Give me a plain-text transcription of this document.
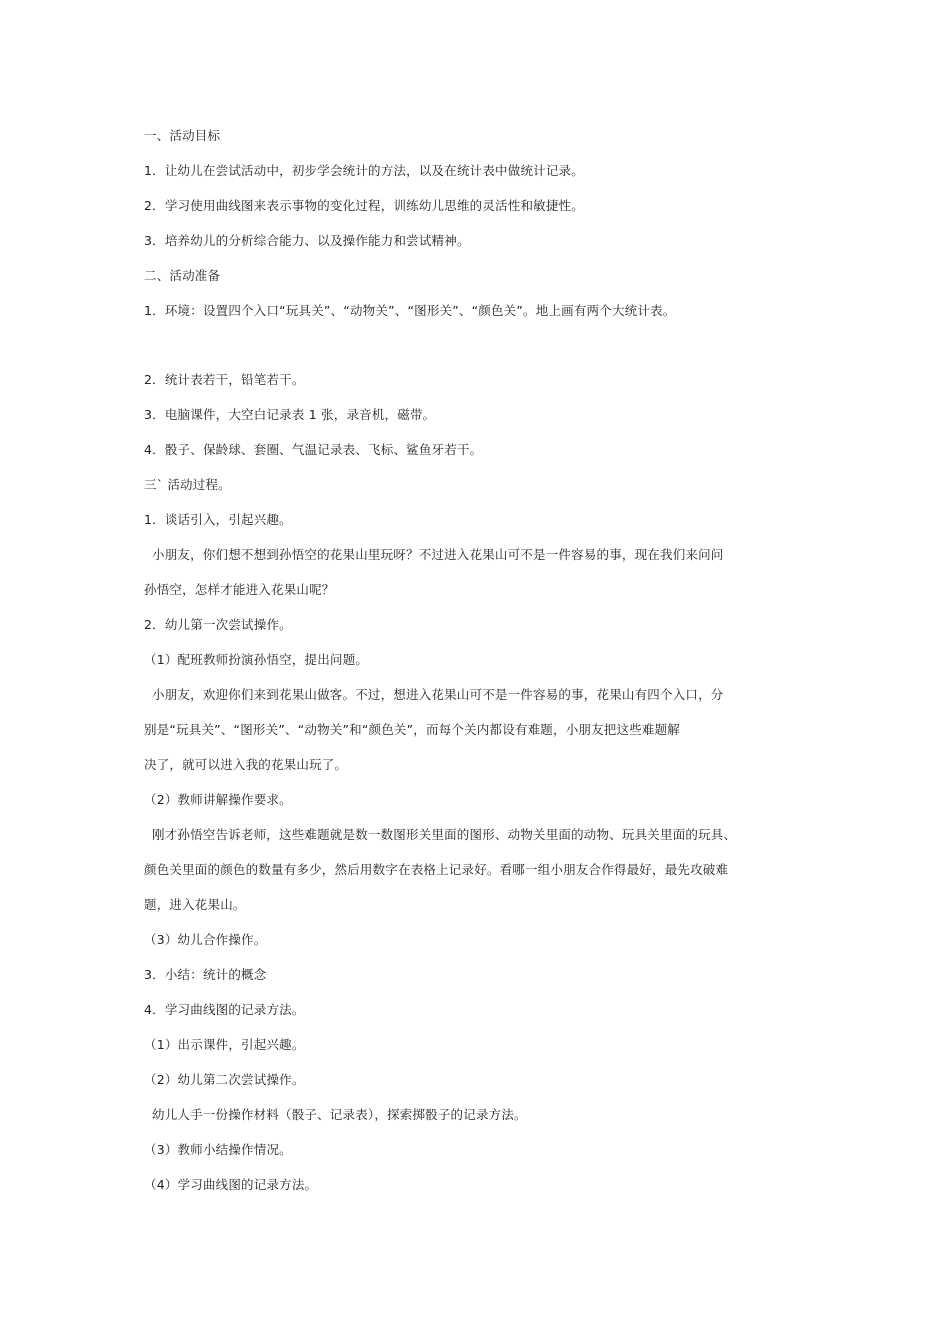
一、活动目标
1．让幼儿在尝试活动中，初步学会统计的方法，以及在统计表中做统计记录。
2．学习使用曲线图来表示事物的变化过程，训练幼儿思维的灵活性和敏捷性。
3．培养幼儿的分析综合能力、以及操作能力和尝试精神。
二、活动准备
1．环境：设置四个入口“玩具关”、“动物关”、“图形关”、“颜色关”。地上画有两个大统计表。
2．统计表若干，铅笔若干。
3．电脑课件，大空白记录表 1 张，录音机，磁带。
4．骰子、保龄球、套圈、气温记录表、飞标、鲨鱼牙若干。
三` 活动过程。
1．谈话引入，引起兴趣。
小朋友，你们想不想到孙悟空的花果山里玩呀？不过进入花果山可不是一件容易的事，现在我们来问问
孙悟空，怎样才能进入花果山呢？
2．幼儿第一次尝试操作。
（1）配班教师扮演孙悟空，提出问题。
小朋友，欢迎你们来到花果山做客。不过，想进入花果山可不是一件容易的事，花果山有四个入口，分
别是“玩具关”、“图形关”、“动物关”和“颜色关”，而每个关内都设有难题，小朋友把这些难题解
决了，就可以进入我的花果山玩了。
（2）教师讲解操作要求。
刚才孙悟空告诉老师，这些难题就是数一数图形关里面的图形、动物关里面的动物、玩具关里面的玩具、
颜色关里面的颜色的数量有多少，然后用数字在表格上记录好。看哪一组小朋友合作得最好，最先攻破难
题，进入花果山。
（3）幼儿合作操作。
3．小结：统计的概念
4．学习曲线图的记录方法。
（1）出示课件，引起兴趣。
（2）幼儿第二次尝试操作。
幼儿人手一份操作材料（骰子、记录表），探索掷骰子的记录方法。
（3）教师小结操作情况。
（4）学习曲线图的记录方法。
